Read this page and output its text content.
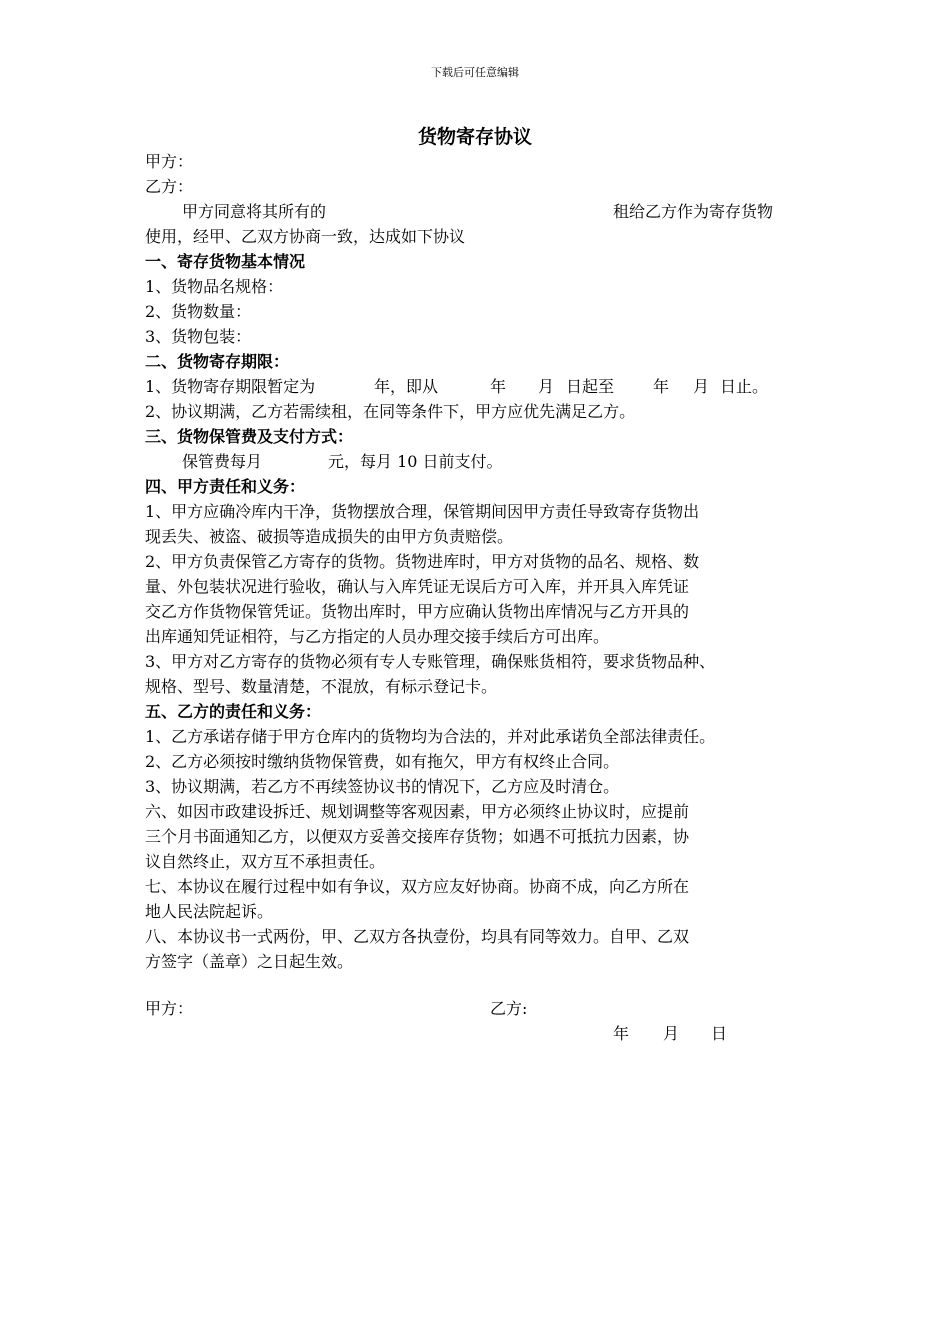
下载后可任意编辑
货物寄存协议
甲方：
乙方：
甲方同意将其所有的	租给乙方作为寄存货物
使用，经甲、乙双方协商一致，达成如下协议
一、寄存货物基本情况
1、货物品名规格：
2、货物数量：
3、货物包装：
二、货物寄存期限：
1、货物寄存期限暂定为	年，即从	年 月 日起至 年 月 日止。
2、协议期满，乙方若需续租，在同等条件下，甲方应优先满足乙方。
三、货物保管费及支付方式：
保管费每月	元，每月 10 日前支付。
四、甲方责任和义务：
1、甲方应确冷库内干净，货物摆放合理，保管期间因甲方责任导致寄存货物出
现丢失、被盗、破损等造成损失的由甲方负责赔偿。
2、甲方负责保管乙方寄存的货物。货物进库时，甲方对货物的品名、规格、数
量、外包装状况进行验收，确认与入库凭证无误后方可入库，并开具入库凭证
交乙方作货物保管凭证。货物出库时，甲方应确认货物出库情况与乙方开具的
出库通知凭证相符，与乙方指定的人员办理交接手续后方可出库。
3、甲方对乙方寄存的货物必须有专人专账管理，确保账货相符，要求货物品种、
规格、型号、数量清楚，不混放，有标示登记卡。
五、乙方的责任和义务：
1、乙方承诺存储于甲方仓库内的货物均为合法的，并对此承诺负全部法律责任。
2、乙方必须按时缴纳货物保管费，如有拖欠，甲方有权终止合同。
3、协议期满，若乙方不再续签协议书的情况下，乙方应及时清仓。
六、如因市政建设拆迁、规划调整等客观因素，甲方必须终止协议时，应提前
三个月书面通知乙方，以便双方妥善交接库存货物；如遇不可抵抗力因素，协
议自然终止，双方互不承担责任。
七、本协议在履行过程中如有争议，双方应友好协商。协商不成，向乙方所在
地人民法院起诉。
八、本协议书一式两份，甲、乙双方各执壹份，均具有同等效力。自甲、乙双
方签字（盖章）之日起生效。
甲方：	乙方:
年 月 日
